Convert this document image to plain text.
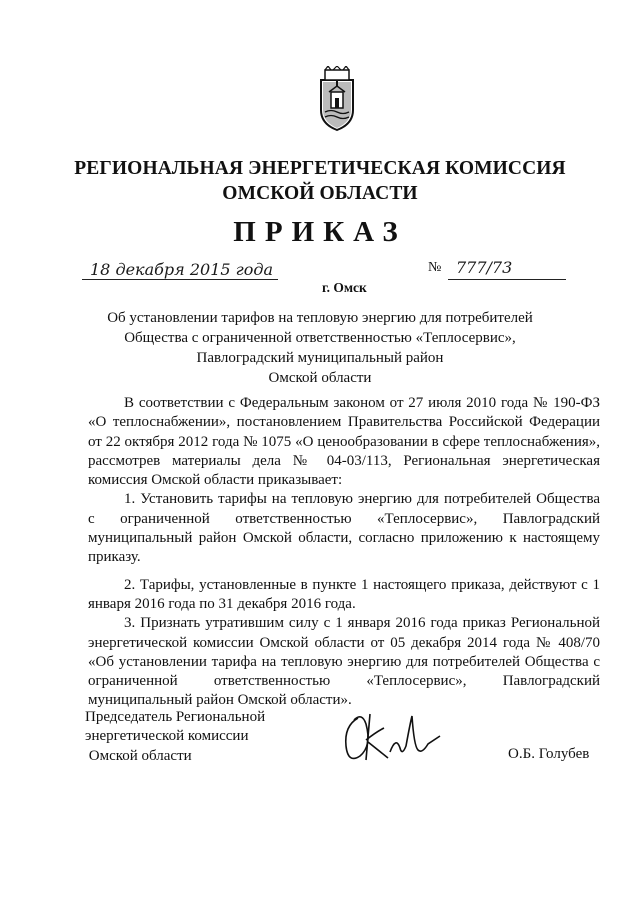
РЕГИОНАЛЬНАЯ ЭНЕРГЕТИЧЕСКАЯ КОМИССИЯ
ОМСКОЙ ОБЛАСТИ
ПРИКАЗ
18 декабря 2015 года
г. Омск
№ 777/73
Об установлении тарифов на тепловую энергию для потребителей
Общества с ограниченной ответственностью «Теплосервис»,
Павлоградский муниципальный район
Омской области

В соответствии с Федеральным законом от 27 июля 2010 года № 190-ФЗ «О теплоснабжении», постановлением Правительства Российской Федерации от 22 октября 2012 года № 1075 «О ценообразовании в сфере теплоснабжения», рассмотрев материалы дела № 04-03/113, Региональная энергетическая комиссия Омской области приказывает:

1. Установить тарифы на тепловую энергию для потребителей Общества с ограниченной ответственностью «Теплосервис», Павлоградский муниципальный район Омской области, согласно приложению к настоящему приказу.

2. Тарифы, установленные в пункте 1 настоящего приказа, действуют с 1 января 2016 года по 31 декабря 2016 года.

3. Признать утратившим силу с 1 января 2016 года приказ Региональной энергетической комиссии Омской области от 05 декабря 2014 года № 408/70 «Об установлении тарифа на тепловую энергию для потребителей Общества с ограниченной ответственностью «Теплосервис», Павлоградский муниципальный район Омской области».

Председатель Региональной
энергетической комиссии
Омской области	О.Б. Голубев
